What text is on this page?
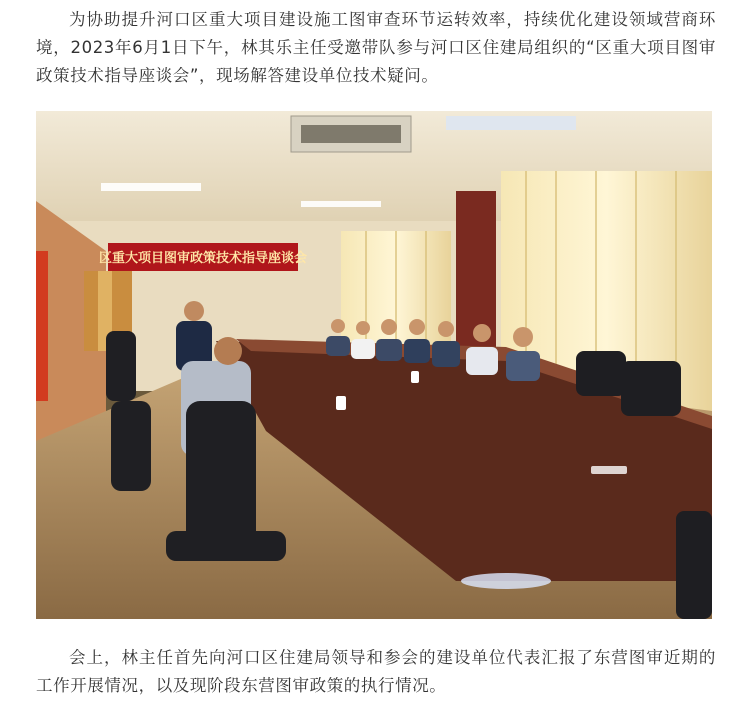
为协助提升河口区重大项目建设施工图审查环节运转效率，持续优化建设领域营商环境，2023年6月1日下午，林其乐主任受邀带队参与河口区住建局组织的“区重大项目图审政策技术指导座谈会”，现场解答建设单位技术疑问。

区重大项目图审政策技术指导座谈会

会上，林主任首先向河口区住建局领导和参会的建设单位代表汇报了东营图审近期的工作开展情况，以及现阶段东营图审政策的执行情况。
